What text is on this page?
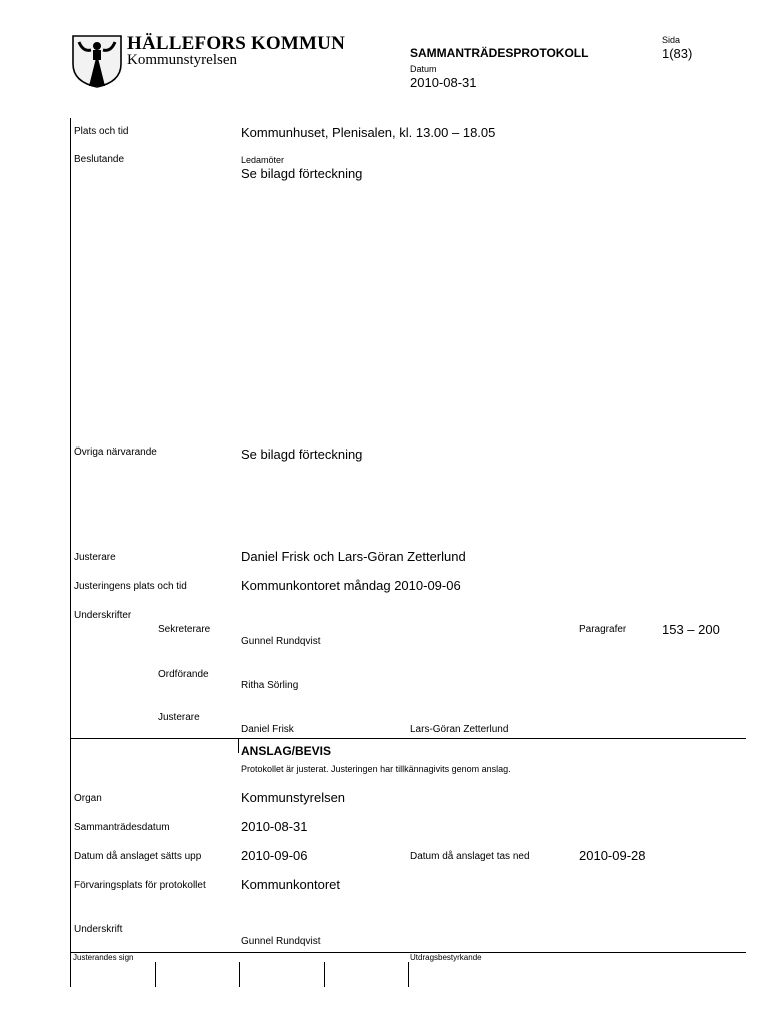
HÄLLEFORS KOMMUN
Kommunstyrelsen	SAMMANTRÄDESPROTOKOLL
Datum
2010-08-31
Sida
1(83)
Plats och tid	Kommunhuset, Plenisalen, kl. 13.00 – 18.05
Beslutande	Ledamöter
Se bilagd förteckning
Övriga närvarande	Se bilagd förteckning
Justerare	Daniel Frisk och Lars-Göran Zetterlund
Justeringens plats och tid	Kommunkontoret måndag 2010-09-06
Underskrifter
Sekreterare
Gunnel Rundqvist
Paragrafer	153 – 200
Ordförande
Ritha Sörling
Justerare
Daniel Frisk	Lars-Göran Zetterlund
ANSLAG/BEVIS
Protokollet är justerat. Justeringen har tillkännagivits genom anslag.
Organ	Kommunstyrelsen
Sammanträdesdatum	2010-08-31
Datum då anslaget sätts upp	2010-09-06	Datum då anslaget tas ned	2010-09-28
Förvaringsplats för protokollet	Kommunkontoret
Underskrift
Gunnel Rundqvist
Justerandes sign	Utdragsbestyrkande
